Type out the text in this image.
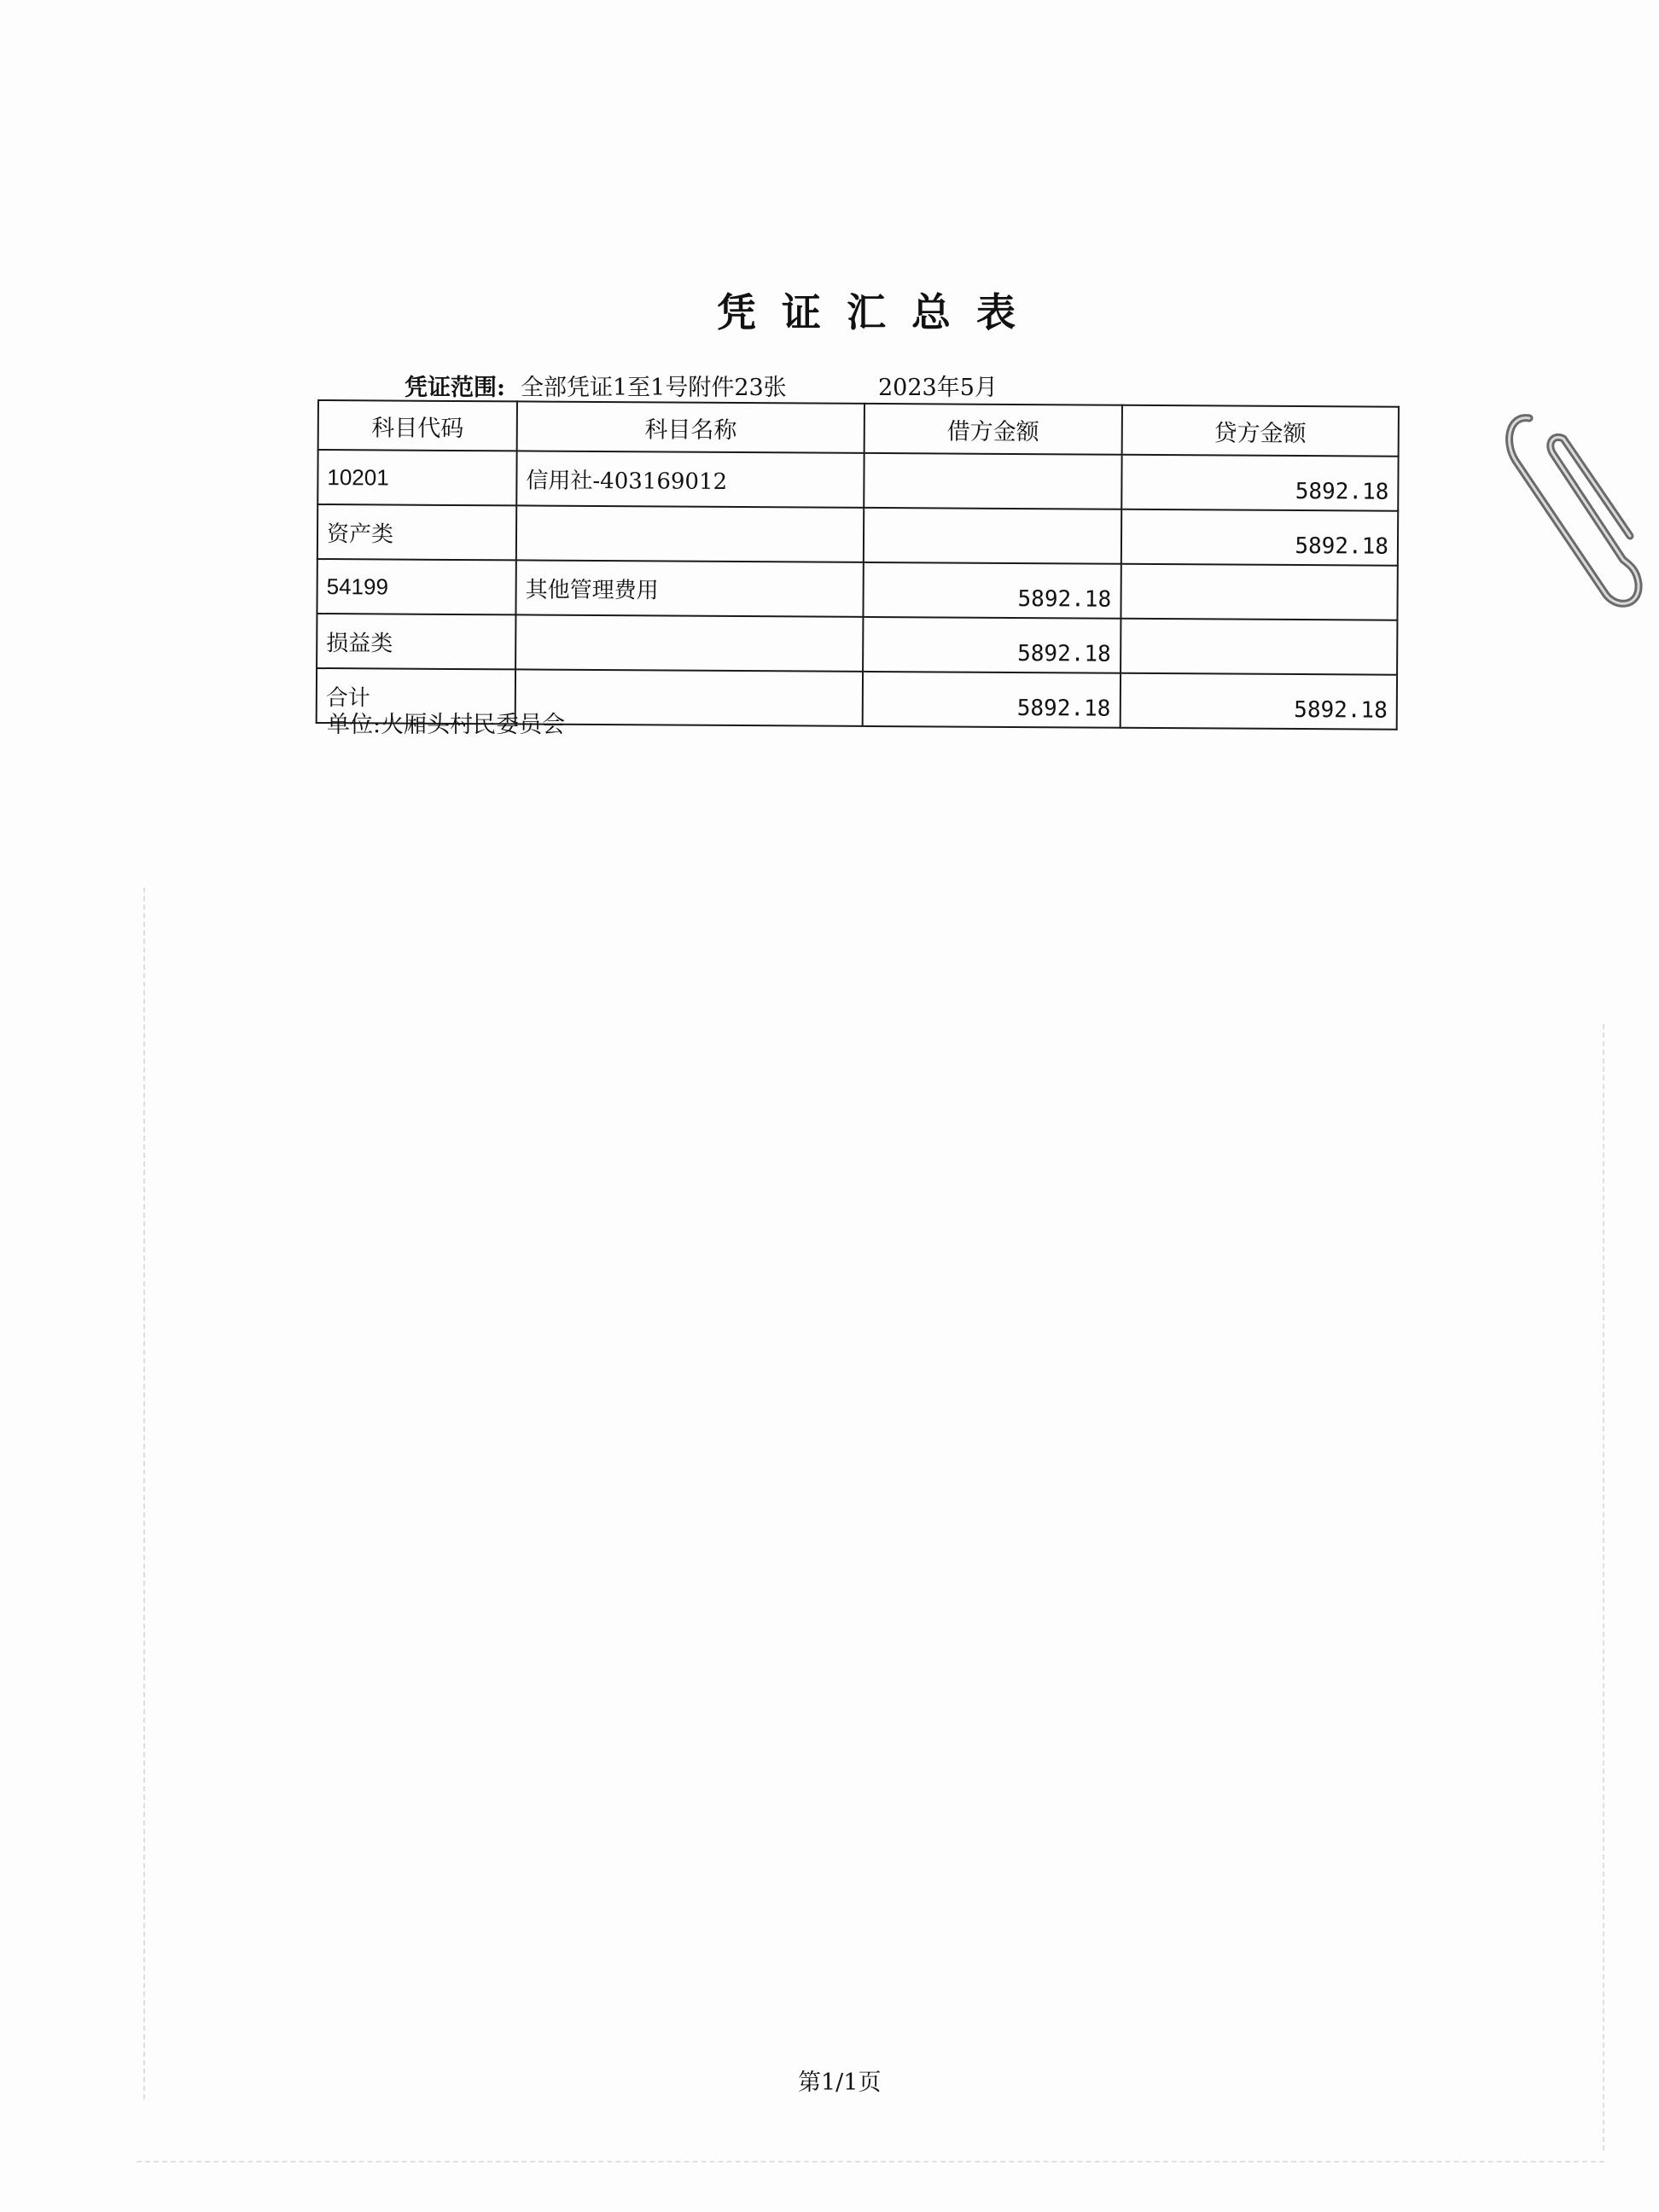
凭证汇总表
凭证范围: 全部凭证1至1号附件23张	2023年5月
科目代码	科目名称	借方金额	贷方金额
10201	信用社-403169012		5892.18
资产类			5892.18
54199	其他管理费用	5892.18	
损益类		5892.18	
合计		5892.18	5892.18
单位:火厢头村民委员会
第1/1页
